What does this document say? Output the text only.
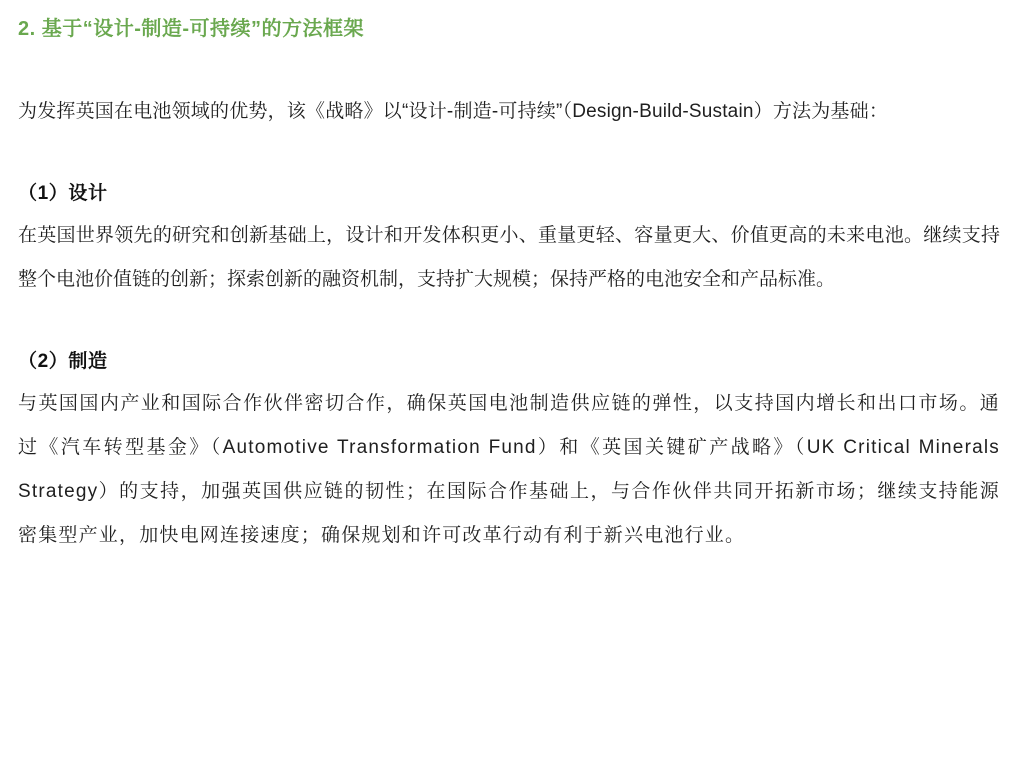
2. 基于“设计-制造-可持续”的方法框架

为发挥英国在电池领域的优势，该《战略》以“设计-制造-可持续”（Design-Build-Sustain）方法为基础：

（1）设计

在英国世界领先的研究和创新基础上，设计和开发体积更小、重量更轻、容量更大、价值更高的未来电池。继续支持整个电池价值链的创新；探索创新的融资机制，支持扩大规模；保持严格的电池安全和产品标准。

（2）制造

与英国国内产业和国际合作伙伴密切合作，确保英国电池制造供应链的弹性，以支持国内增长和出口市场。通过《汽车转型基金》（Automotive Transformation Fund）和《英国关键矿产战略》（UK Critical Minerals Strategy）的支持，加强英国供应链的韧性；在国际合作基础上，与合作伙伴共同开拓新市场；继续支持能源密集型产业，加快电网连接速度；确保规划和许可改革行动有利于新兴电池行业。
